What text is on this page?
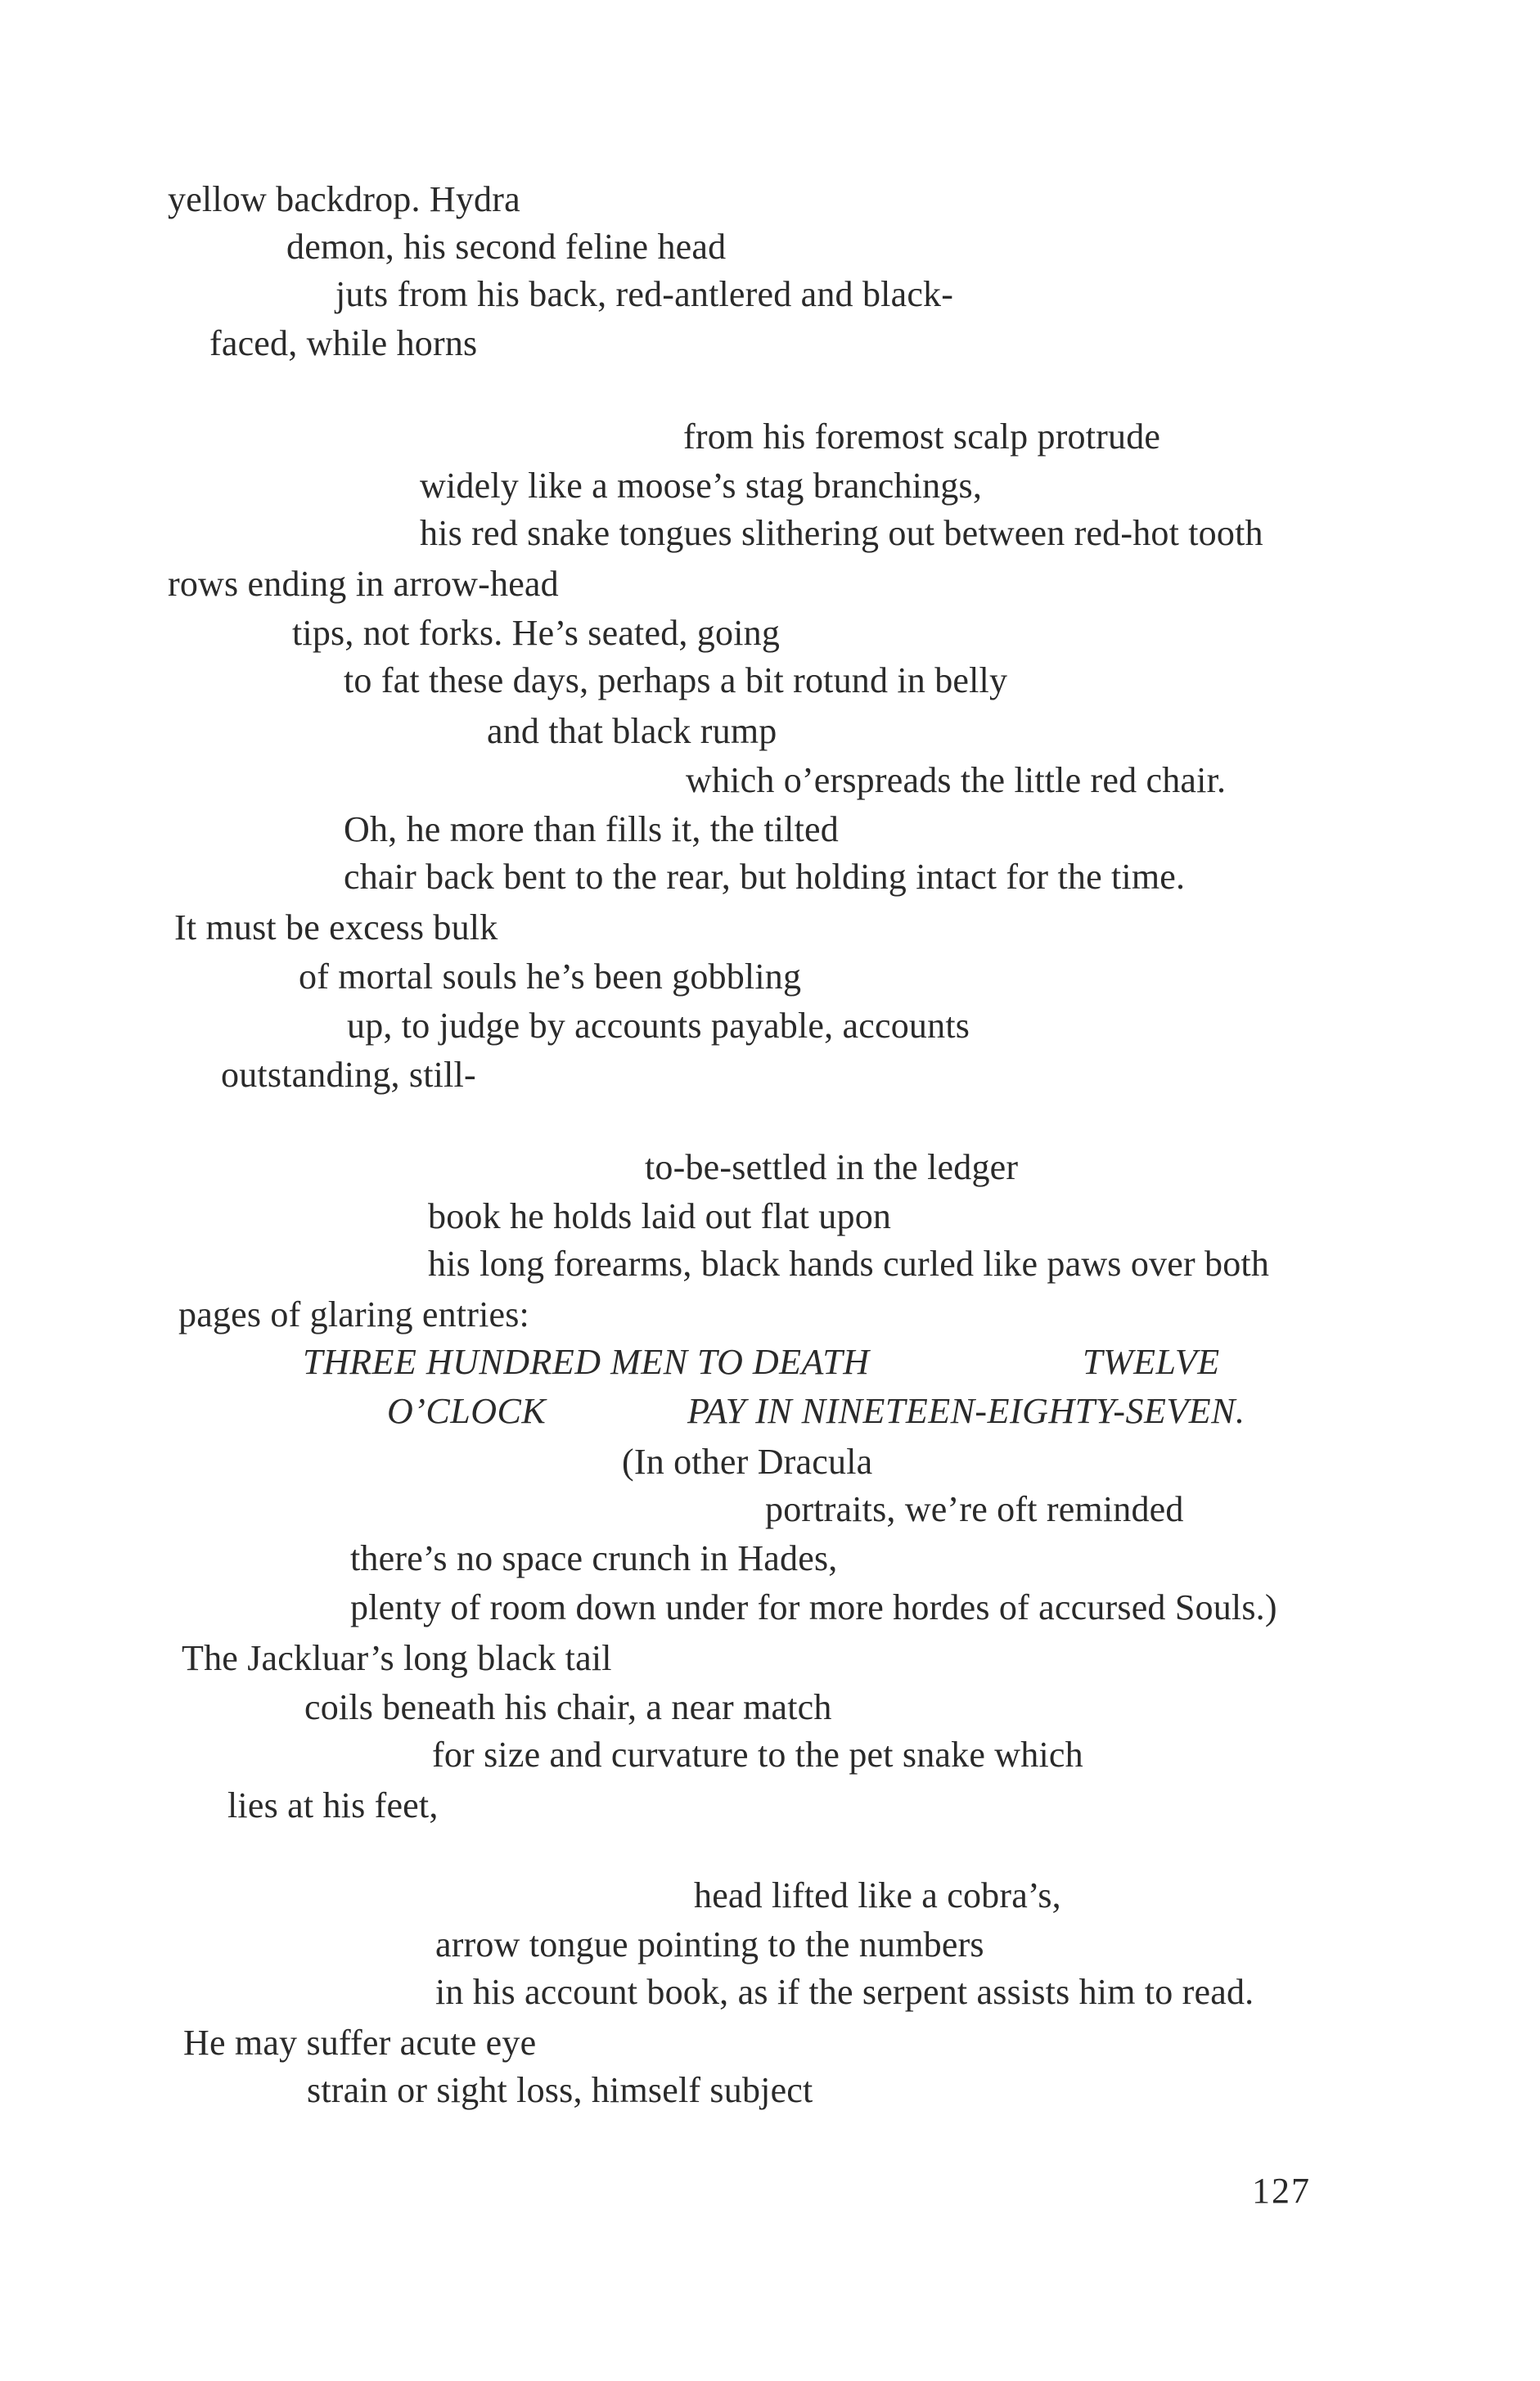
yellow backdrop. Hydra
demon, his second feline head
juts from his back, red-antlered and black-
faced, while horns
from his foremost scalp protrude
widely like a moose’s stag branchings,
his red snake tongues slithering out between red-hot tooth
rows ending in arrow-head
tips, not forks. He’s seated, going
to fat these days, perhaps a bit rotund in belly
and that black rump
which o’erspreads the little red chair.
Oh, he more than fills it, the tilted
chair back bent to the rear, but holding intact for the time.
It must be excess bulk
of mortal souls he’s been gobbling
up, to judge by accounts payable, accounts
outstanding, still-
to-be-settled in the ledger
book he holds laid out flat upon
his long forearms, black hands curled like paws over both
pages of glaring entries:
THREE HUNDRED MEN TO DEATH	TWELVE
O’CLOCK	PAY IN NINETEEN-EIGHTY-SEVEN.
(In other Dracula
portraits, we’re oft reminded
there’s no space crunch in Hades,
plenty of room down under for more hordes of accursed Souls.)
The Jackluar’s long black tail
coils beneath his chair, a near match
for size and curvature to the pet snake which
lies at his feet,
head lifted like a cobra’s,
arrow tongue pointing to the numbers
in his account book, as if the serpent assists him to read.
He may suffer acute eye
strain or sight loss, himself subject
127
